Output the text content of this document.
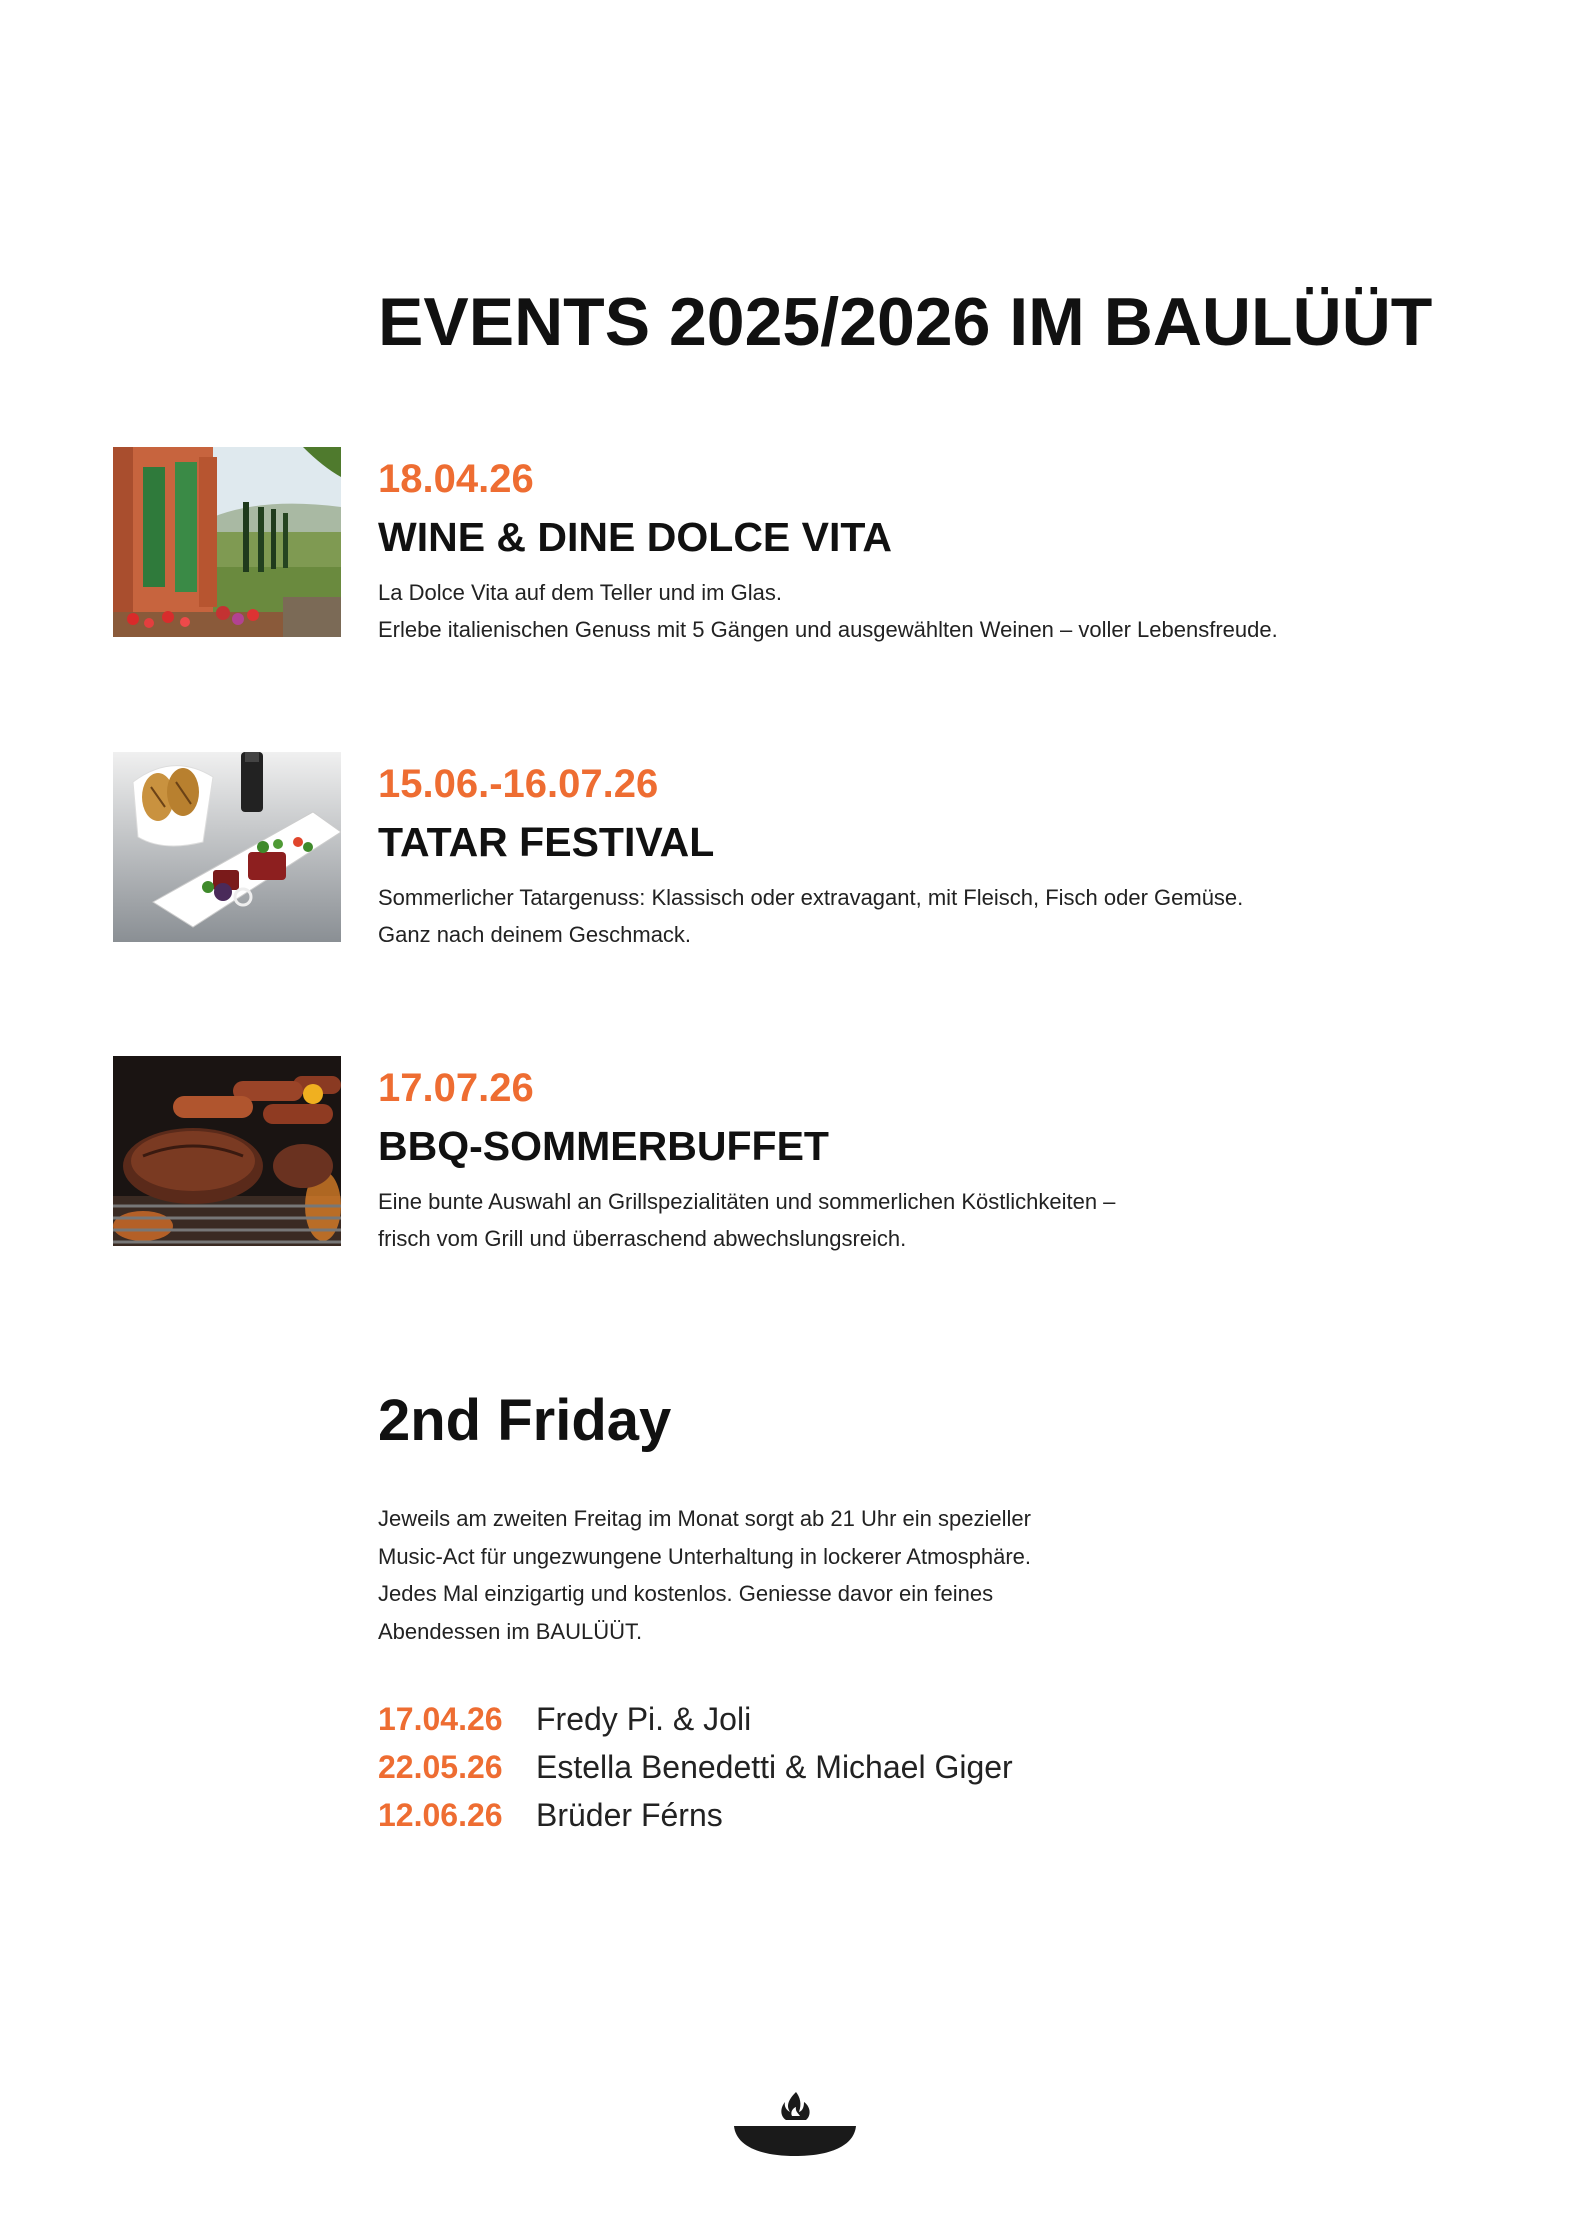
EVENTS 2025/2026 IM BAULÜÜT
18.04.26
WINE & DINE DOLCE VITA
La Dolce Vita auf dem Teller und im Glas.
Erlebe italienischen Genuss mit 5 Gängen und ausgewählten Weinen – voller Lebensfreude.
15.06.-16.07.26
TATAR FESTIVAL
Sommerlicher Tatargenuss: Klassisch oder extravagant, mit Fleisch, Fisch oder Gemüse.
Ganz nach deinem Geschmack.
17.07.26
BBQ-SOMMERBUFFET
Eine bunte Auswahl an Grillspezialitäten und sommerlichen Köstlichkeiten –
frisch vom Grill und überraschend abwechslungsreich.
2nd Friday
Jeweils am zweiten Freitag im Monat sorgt ab 21 Uhr ein spezieller
Music-Act für ungezwungene Unterhaltung in lockerer Atmosphäre.
Jedes Mal einzigartig und kostenlos. Geniesse davor ein feines
Abendessen im BAULÜÜT.
17.04.26	Fredy Pi. & Joli
22.05.26	Estella Benedetti & Michael Giger
12.06.26	Brüder Férns
